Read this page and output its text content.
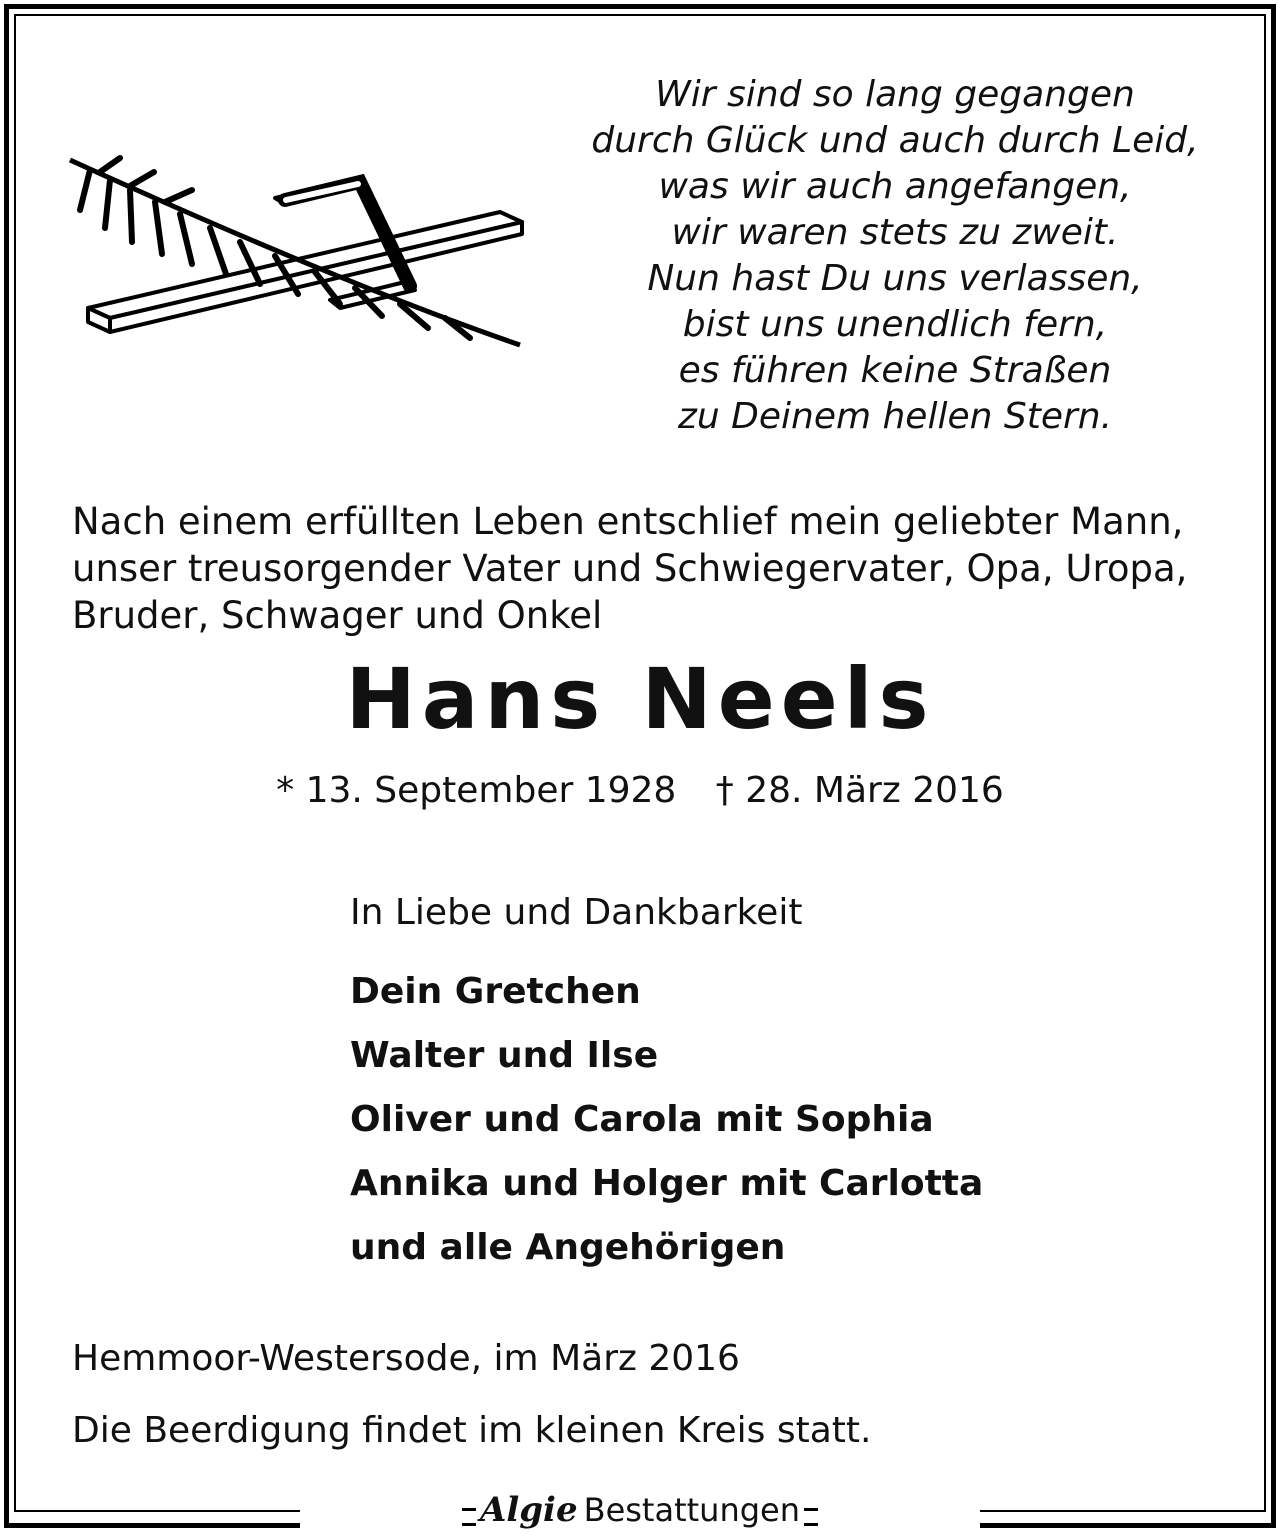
Wir sind so lang gegangen
durch Glück und auch durch Leid,
was wir auch angefangen,
wir waren stets zu zweit.
Nun hast Du uns verlassen,
bist uns unendlich fern,
es führen keine Straßen
zu Deinem hellen Stern.
Nach einem erfüllten Leben entschlief mein geliebter Mann,
unser treusorgender Vater und Schwiegervater, Opa, Uropa,
Bruder, Schwager und Onkel
Hans Neels
* 13. September 1928 † 28. März 2016
In Liebe und Dankbarkeit
Dein Gretchen
Walter und Ilse
Oliver und Carola mit Sophia
Annika und Holger mit Carlotta
und alle Angehörigen
Hemmoor-Westersode, im März 2016
Die Beerdigung findet im kleinen Kreis statt.
Algie Bestattungen
